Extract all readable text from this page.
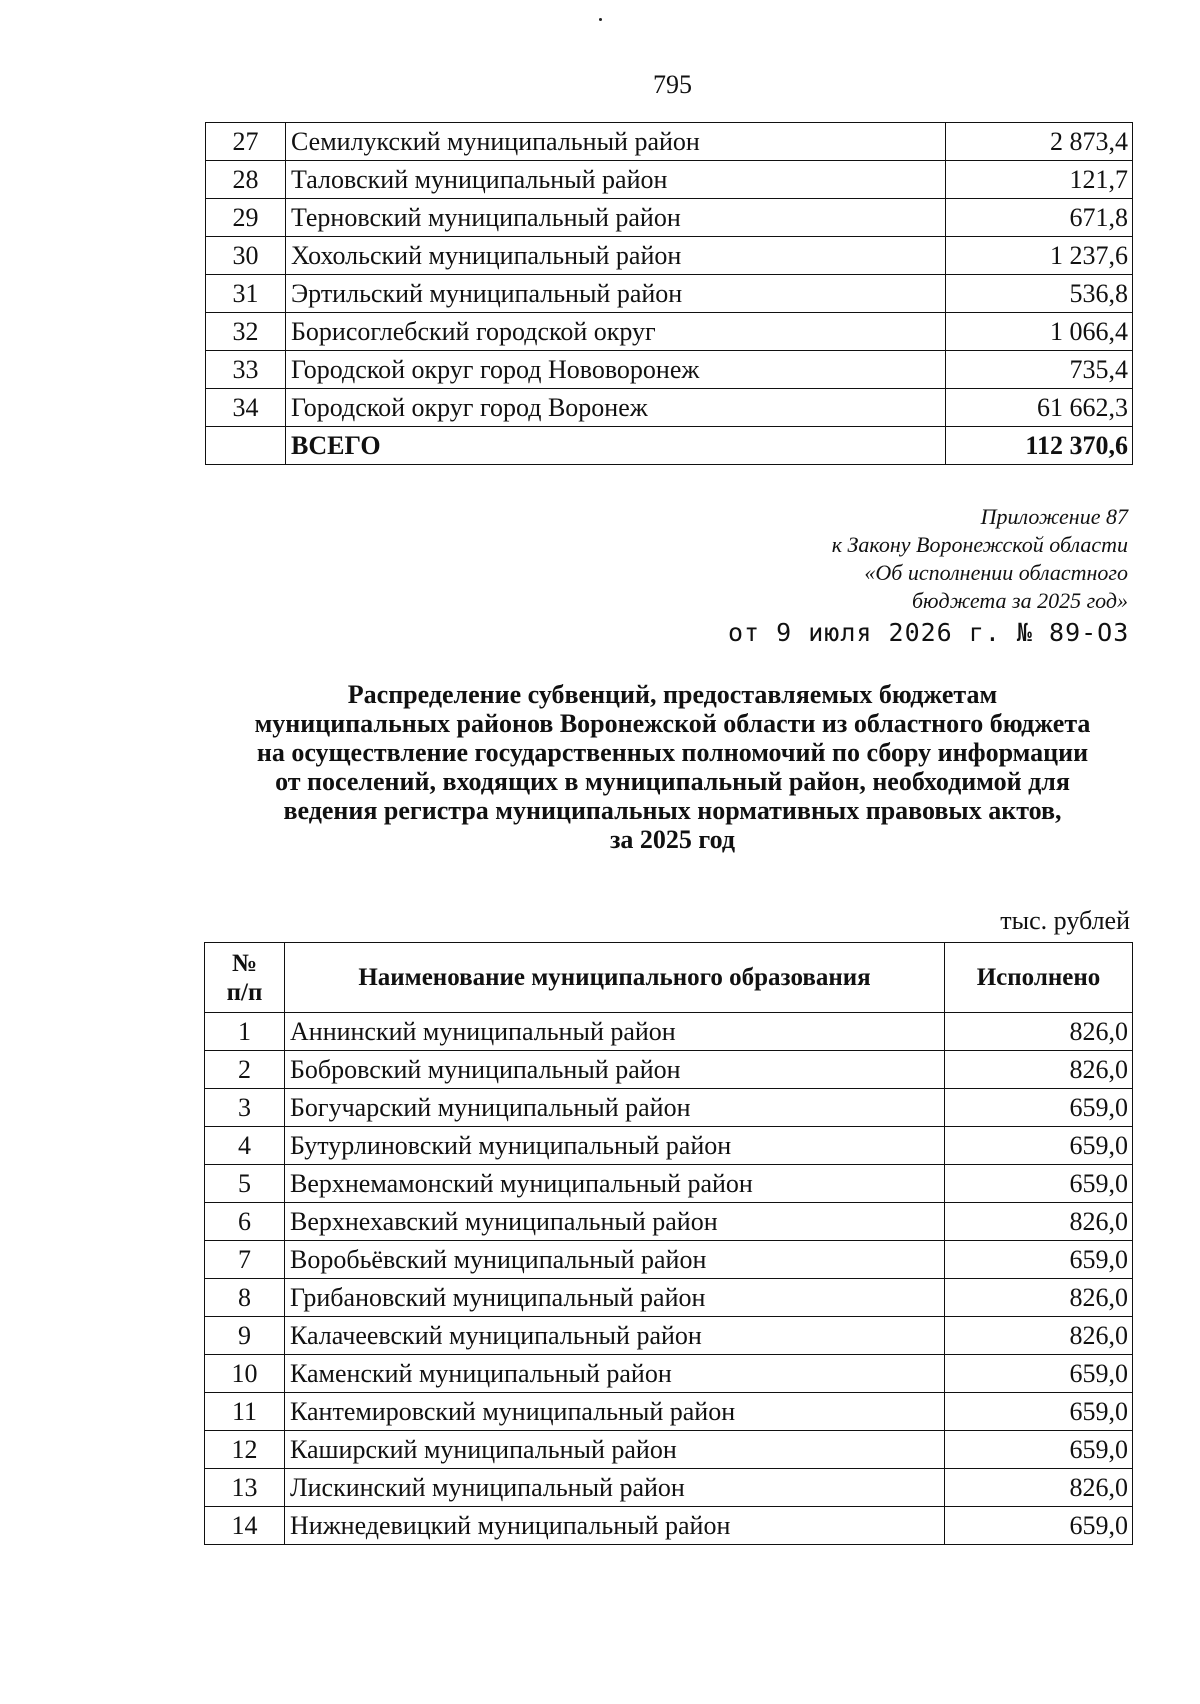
795
27	Семилукский муниципальный район	2 873,4
28	Таловский муниципальный район	121,7
29	Терновский муниципальный район	671,8
30	Хохольский муниципальный район	1 237,6
31	Эртильский муниципальный район	536,8
32	Борисоглебский городской округ	1 066,4
33	Городской округ город Нововоронеж	735,4
34	Городской округ город Воронеж	61 662,3
	ВСЕГО	112 370,6
Приложение 87
к Закону Воронежской области
«Об исполнении областного
бюджета за 2025 год»
от 9 июля 2026 г. № 89-ОЗ
Распределение субвенций, предоставляемых бюджетам
муниципальных районов Воронежской области из областного бюджета
на осуществление государственных полномочий по сбору информации
от поселений, входящих в муниципальный район, необходимой для
ведения регистра муниципальных нормативных правовых актов,
за 2025 год
тыс. рублей
№
п/п	Наименование муниципального образования	Исполнено
1	Аннинский муниципальный район	826,0
2	Бобровский муниципальный район	826,0
3	Богучарский муниципальный район	659,0
4	Бутурлиновский муниципальный район	659,0
5	Верхнемамонский муниципальный район	659,0
6	Верхнехавский муниципальный район	826,0
7	Воробьёвский муниципальный район	659,0
8	Грибановский муниципальный район	826,0
9	Калачеевский муниципальный район	826,0
10	Каменский муниципальный район	659,0
11	Кантемировский муниципальный район	659,0
12	Каширский муниципальный район	659,0
13	Лискинский муниципальный район	826,0
14	Нижнедевицкий муниципальный район	659,0
